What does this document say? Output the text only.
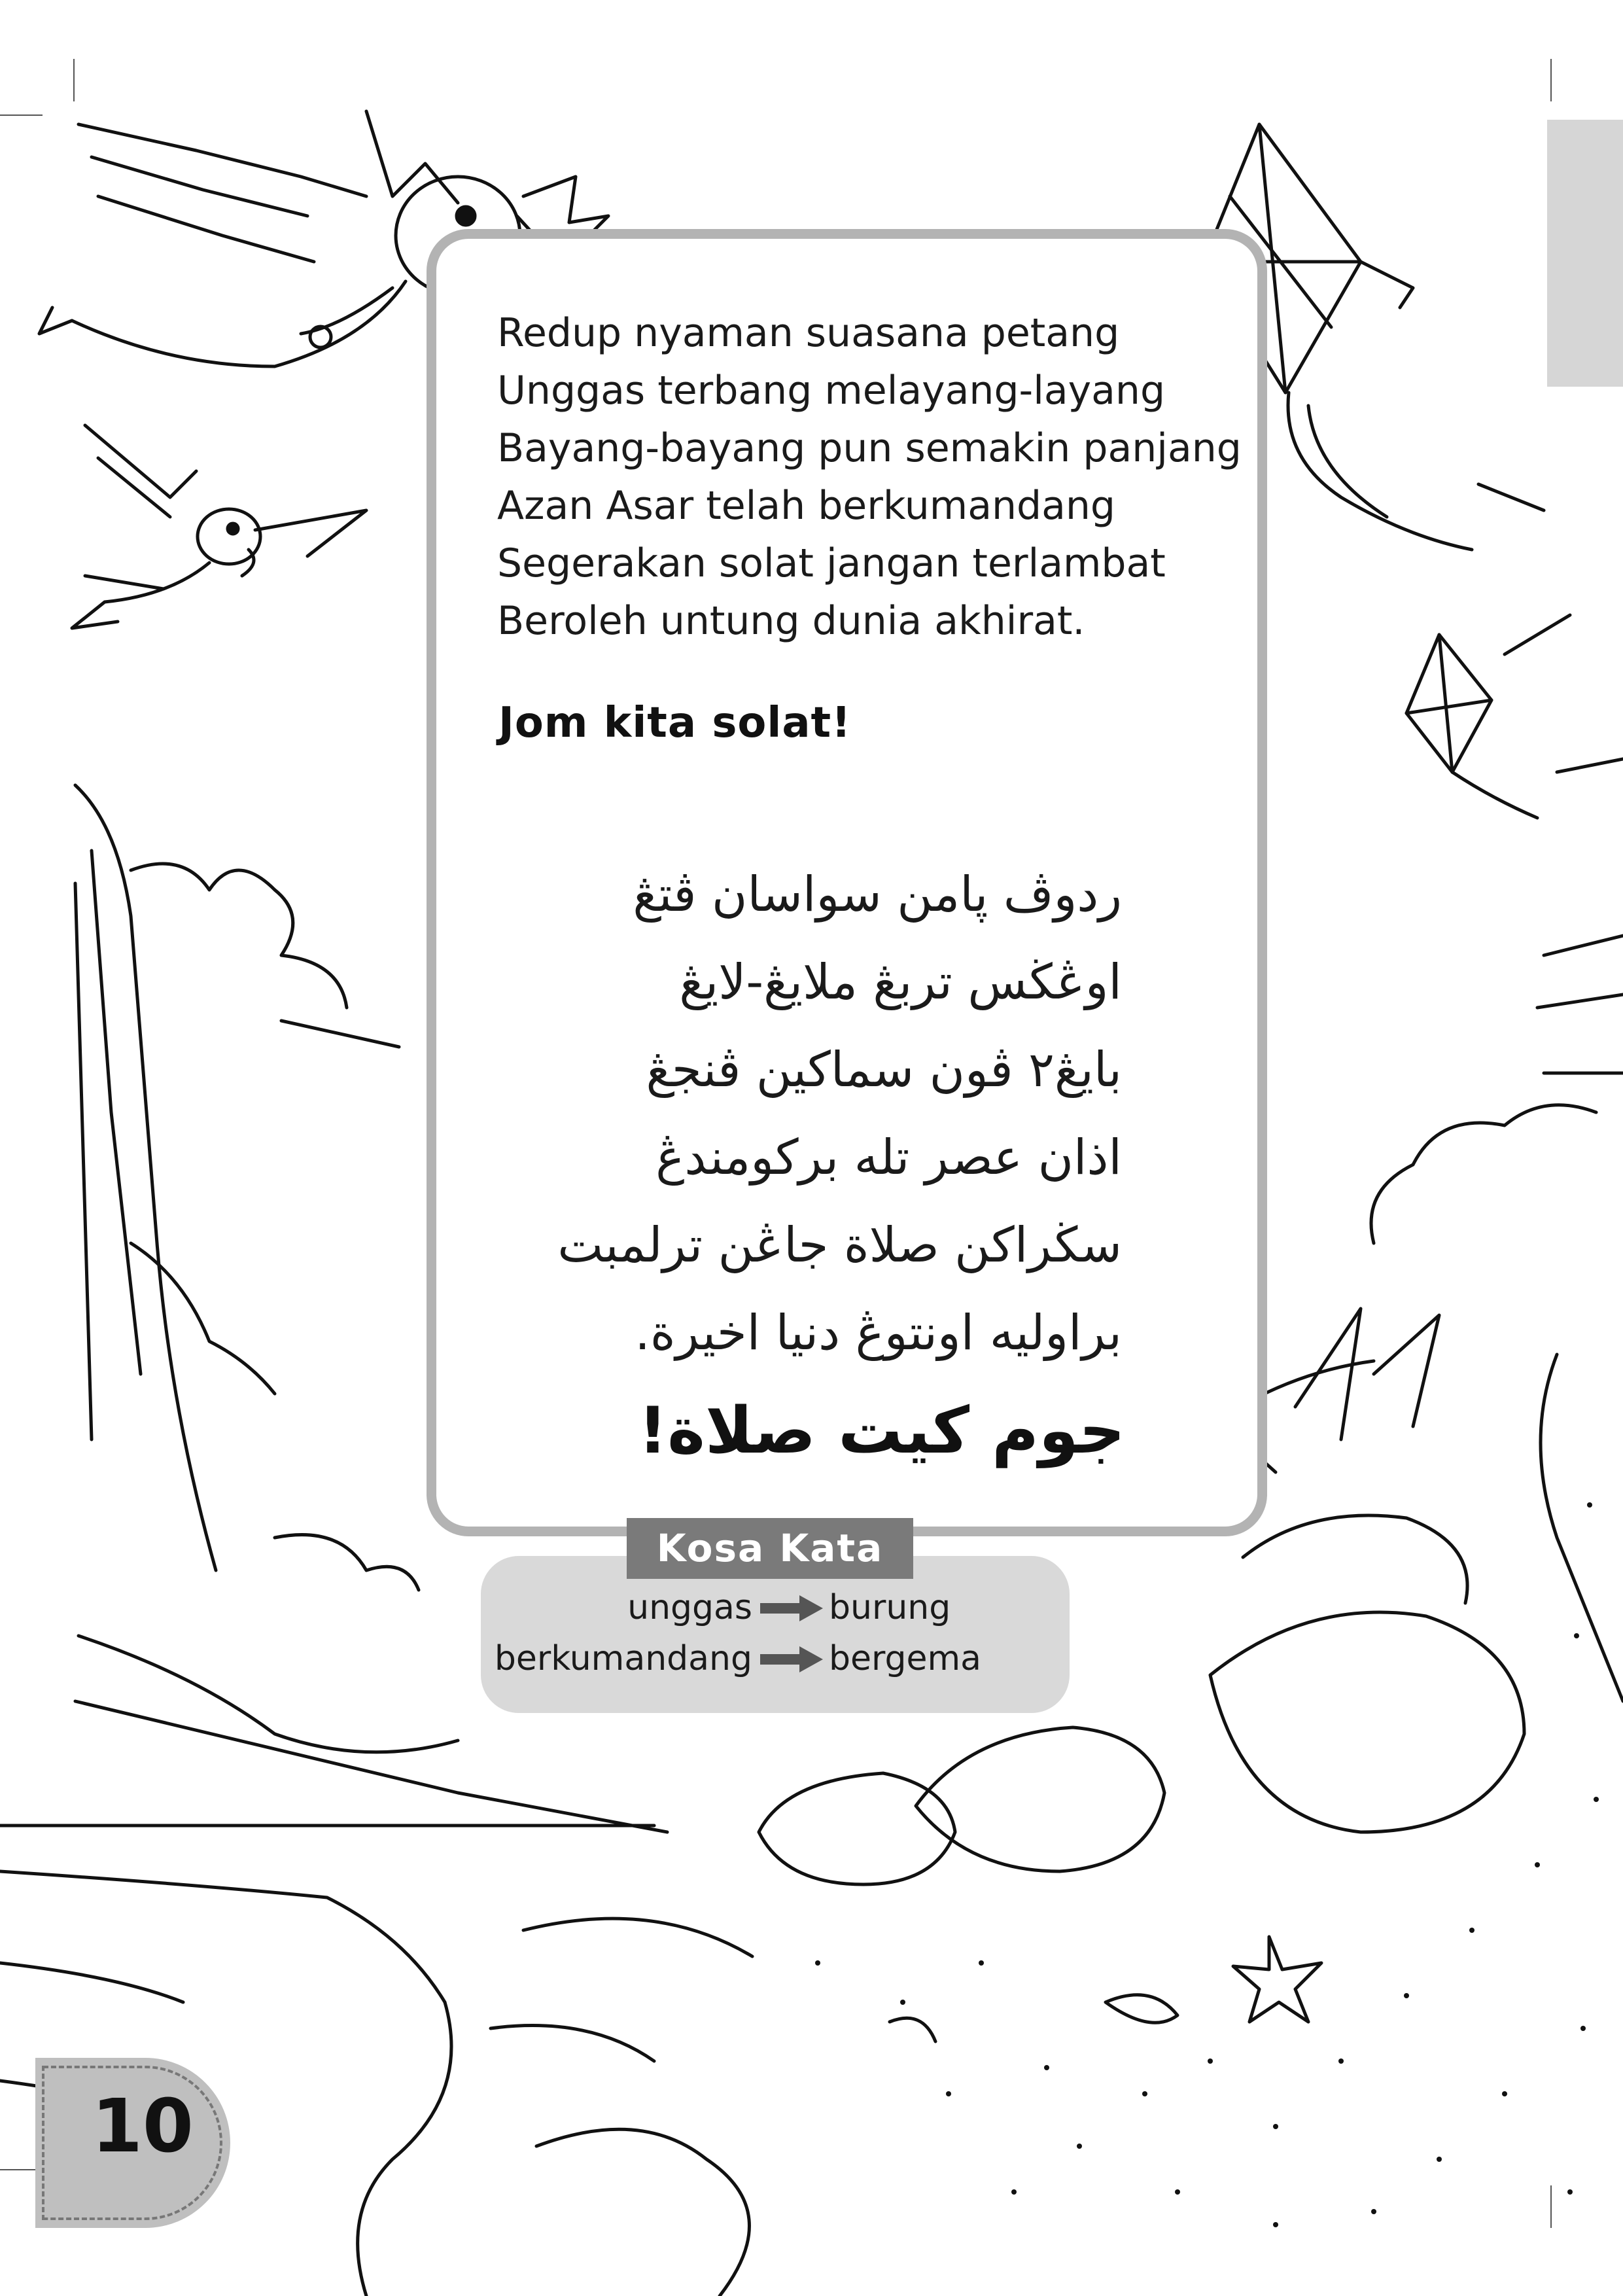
Redup nyaman suasana petang
Unggas terbang melayang-layang
Bayang-bayang pun semakin panjang
Azan Asar telah berkumandang
Segerakan solat jangan terlambat
Beroleh untung dunia akhirat.
Jom kita solat!
ردوڤ پامن سواسان ڤتڠ
اوڠڬس تربڠ ملايڠ-لايڠ
بايڠ٢ ڤون سماكين ڤنجڠ
اذان عصر تله بركومندڠ
سڬراكن صلاة جاڠن ترلمبت
براوليه اونتوڠ دنيا اخيرة.
جوم كيت صلاة!
Kosa Kata
unggas burung
berkumandang bergema
10
